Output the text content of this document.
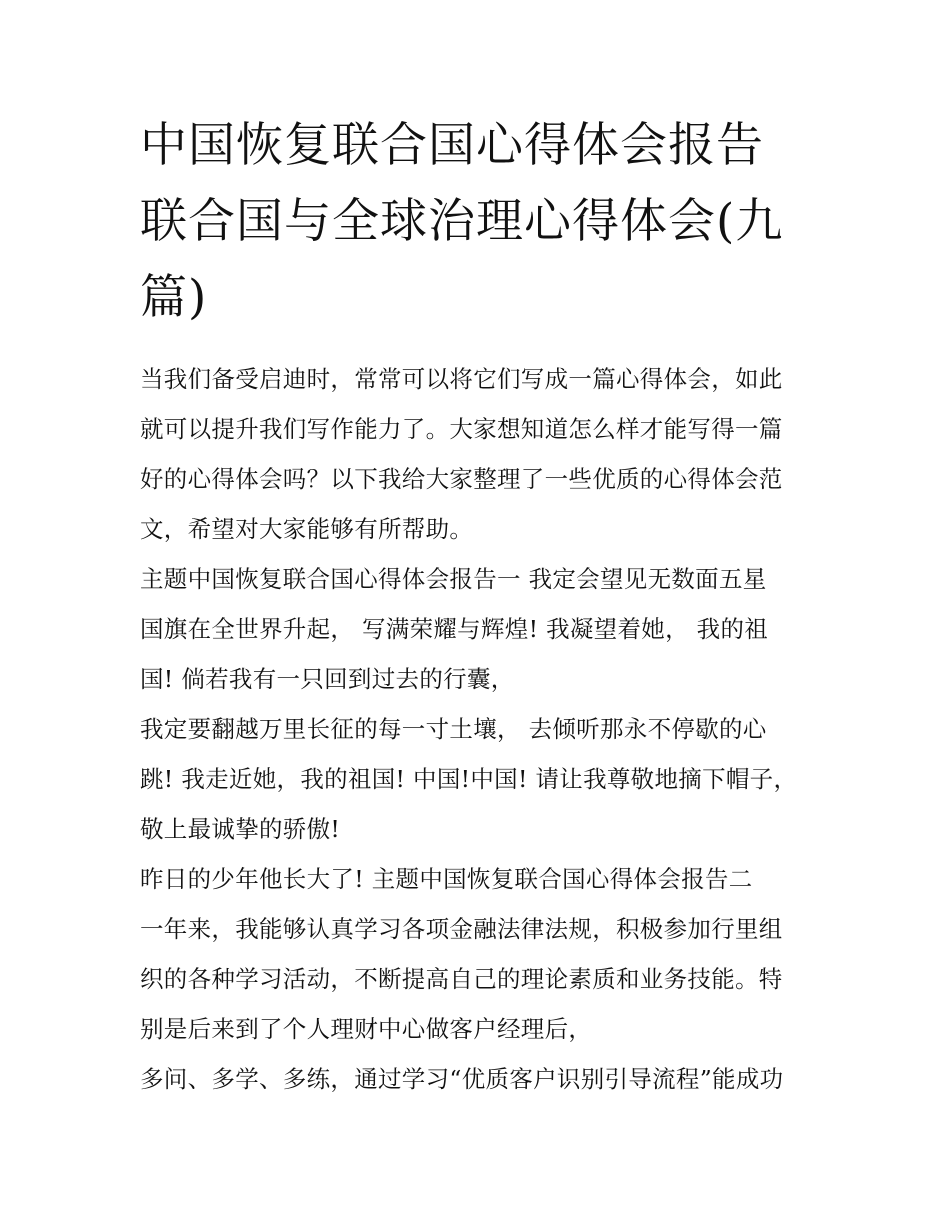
中国恢复联合国心得体会报告
联合国与全球治理心得体会(九
篇)
当我们备受启迪时，常常可以将它们写成一篇心得体会，如此
就可以提升我们写作能力了。大家想知道怎么样才能写得一篇
好的心得体会吗？以下我给大家整理了一些优质的心得体会范
文，希望对大家能够有所帮助。
主题中国恢复联合国心得体会报告一 我定会望见无数面五星
国旗在全世界升起， 写满荣耀与辉煌! 我凝望着她， 我的祖
国! 倘若我有一只回到过去的行囊，
我定要翻越万里长征的每一寸土壤， 去倾听那永不停歇的心
跳! 我走近她，我的祖国! 中国!中国! 请让我尊敬地摘下帽子，
敬上最诚挚的骄傲!
昨日的少年他长大了! 主题中国恢复联合国心得体会报告二
一年来，我能够认真学习各项金融法律法规，积极参加行里组
织的各种学习活动，不断提高自己的理论素质和业务技能。特
别是后来到了个人理财中心做客户经理后，
多问、多学、多练，通过学习“优质客户识别引导流程”能成功
